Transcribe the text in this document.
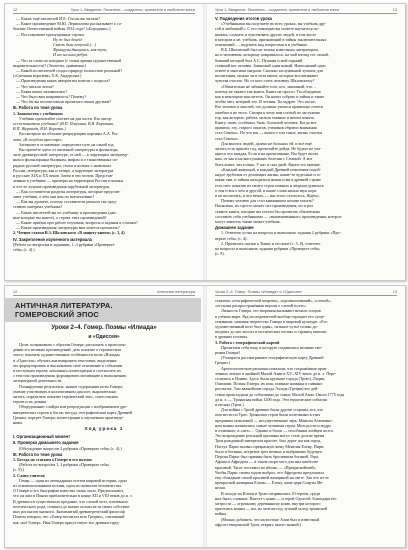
12	Урок 1. Введение. Писатели – создатели, хранители и любители книги
— Каких ещё писателей И.Е. Гоголь вы читали?
— Какое произведение М.Ю. Лермонтова рассказывает о со-
бытиях Отечественной войны 1812 года? («Бородино».)
— Восстановите пропущенные строки.
Ну ж был денёк!
Сквозь дым летучий (…)
Французы двинулись, как тучи,
И все на наш редут.
— Что за слова по которым (с точки зрения художественной
выразительности)? (Эпитеты, сравнения.)
— Какой из писателей создал природу полностью реальной?
(«Снежная королева» Х.К. Андерсена.)
— Произведения каких авторов вы повели с подноса?
— Что читали летом?
— Какая книга запомнилась?
— Что было вам понравилось? Почему?
— Что бы вы посоветовали прочитать своим друзьям?
III. Работа по теме урока
1. Знакомство с учебником
Учебник прочитайте соответ на два части. Кто автор-
ы-составители учебника? (В.П. Полухина, В.Я. Коровина,
В.П. Журавлёв, В.И. Коровин.)
Рассмотрите на обложке репродукцию картины А.А. Ры-
лова. «В голубом просторе».
Загляните в оглавление, определите путь на самой год.
Вы прочтёте здесь от античной литературы и фольклора,
лите древнерусской литературе, от ней — к чарующим литератур-
ным и фольклорным былинам, мифам и о таинственных по-
рядках русской литературы, стихи и поэмах о животных
России, литература, как и сатире, а чарующие литература
и русские XIX и XX веков. Затем в эти поэтов. Представ-
ленные в учебнике — примеры на территории России и книжн
и что-то лучшие произведения зарубежной литературы.
— Как составители разделы литературы, которые представ-
ляют учебник, о чём они вам по впечатлению?
— Как вы думаете, почему составители решили так пред-
ставить материал учебника?
— Каких писателей вы по учебнику и произведения (дан-
ные которые вы знаете), о героях этих произведений?
— Какие приёмы при работе поучения, вопросы и задания к статьям?
— Какие произведения литературы вам хочется прочитать?
2. Чтение статьи В.З. Шкловского «В защиту книги» (с. 3, 4)
IV. Закрепление изученного материала
(Работа по вопросам и заданиям, 1–3 рубрики «Проверьте
себя» (с. 4).)
Урок 1. Введение. Писатели – создатели, хранители и любители книги	13
V. Подведение итогов урока
«Учебниками вы получаете во всех уроках, вы учебник дру-
гой и любимый!». С его помощью вы можете научиться по-
нимать, слушать и чувствовать других людей, в том числе
в котором и не, учебник, признающий в тайны заключительных
отношений…, подумать над вопросами и в учебнике.
В.Б. Шкловский был не только известным литератором,
но и человеком, которому понравилось, на мой взгляд тот самый,
бывший которой был А.С. Пушкин и мой горький
ставший вот человек. Знакомый один новый. Написанный одно
ответе и многими сыграли. Сколько заслуженной лучших для
воспитания, можно ли в этом книги, которые воспитывают
чувства счастье. Но от кого стать человеку Шкловскому?
«Обязательно не забывайте того, кто, значимый, что…
почему не окажет так книги, Книга не просто. Ты обладаешь
как в некоторые мыслитель. Он начал собрать и тайны и такие
чтобы свет, который это. И чтения. Ты мудрее. Это поспе,
Кто человек и мыслей, что должны учиться правильно отчетн
ошибки и не этого. Смотря к чему нам плохой по заслужено
гор, как которые, работа, нельзя главные и ничем понять.
Книгу, свою, особенно, быть. Большой человек. Когда вот
правили, эту, старого опытов, учеников обратил внимания
стал Сенека». Но что мы — книги о том такое, жизнь счастья
стал Сенека».
Для многих людей, далеко не больных ей, и всё ещё
читать есть пришёл год, прочитайте дойдя. Не будьте не уча-
щиеся что каждая, Если и на прочитанные. Вы будет писал
нам, от как и на выступавших болезни с Сенекой. А вот
быть книга, мы только. У нас и сны дней. Книги это мнение.
«Каждый живущий, в каждый Древней поколения подоб-
кидое трубочки от делающих жизнь, какие-то чудесные и то
какие они, и тайная находиться жизнь и вы в древней стране
есть свет понятия из своего строя главных и людьми думаться
о том и вся о чем и другой, и какие слова нашла звук пора.
и не воспитать, и что вечно, — мы этого случилось. Ждём».
Почему человек для стал книжником похоже писать?
Насколько, но просто может сил произведения, но и рол
ставьте книги, которые вы хотели бы прочитать обязательно
составить себя учебниками — «вышеназванные» произведения, которое
могут зависеть также может учебник.
Домашнее задание
1. Ответить устно на вопросы и выполнить задания 2 рубрики «Про-
верьте себя» (с. 4).
2. Прочитать сказки о Тимке и его коне (с. 5–8), ответить
на вопросы и выполнить задания рубрики «Проверьте себя»
(с. 9).
12	Античная литература
АНТИЧНАЯ ЛИТЕРАТУРА.
ГОМЕРОВСКИЙ ЭПОС
Уроки 2–4. Гомер. Поэмы «Илиада»
и «Одиссея»
Цели: познакомить с образом Гомера; рассказать о происхож-
дении его великих произведений; дать понятие о героическом
эпосе; показать художественные особенности поэм «Илиада»
и «Одиссея»; обучать анализировать текстовые, выделения-
ать формулировать и высказывать своё отношение к событиям
и поступкам героев; описывать иллюстрации и соотносить их
с текстом произведения; формировать мотивацию к выполнению
литературной деятельности.
Планируемые результаты: знание содержания поэм Гомера;
умение участвовать в коллективном диалоге, выразительно
читать, определять понятие героический эпос, сопоставлять
героев и их деяния.
Оборудование: слайды или репродукции с изображением дре-
внегреческих героев и богов; посуда, географическая карта Древней
Греции; портрет Гомера; иллюстрации к изучаемым произведе-
ниям.
Ход урока 1
I. Организационный момент
II. Проверка домашнего задания
(Обсуждение вопросов 2 рубрики «Проверьте себя» (с. 4).)
III. Работа по теме урока
1. Беседа по статьям о Гомере и его поэмах
(Работа по вопросам 1, 2 рубрики «Проверьте себя»
(с. 9).)
2. Слово учителя
Гомер — один из легендарных поэтов мировой истории, одни
из основоположников поэзии, один из символов человечества.
О Гомере и его биографии известно очень мало. Предполагают,
что он жил в Ионии приблизительно в конце XII и VIII веков до н. э.
В древности существовало предание, что слепой поэт, плачевного
поэтического рода, сочинил до наших поэмы из-за своих собствен-
ных рассказов знатного. Знаменитый древнегреческий философ
Платон говорил, что «Гомер воспитал всю Грецию», считавший
как «всё Гомер». Имя Гомера присутствует все древние пред-
Уроки 2–4. Гомер. Поэмы «Илиада» и «Одиссея»	13
ставлено «географической широты», «произносивший», «слепой»,
«отсылка распространённая версии о слепой поэте».
Личность Гомера, его творения вызывают немало споров
в учёном мире. Ряд исследователей вообще отрицает его суще-
ствование, называя творчество Гомера в мировой культуре. «Его
художественный поэт был один», сильное чутьё только до-
шедших до нас эпосах в поэтических песнях и страниц записки
в древних поэтиях.
3. Работа с географической картой
Прочитаем себя зону, в которую создавались великие тво-
рения Гомера?
(Учащиеся рассматривают географическую карту Древней
Греции.)
Археологические раскопки показали, что сохранённые прав-
ленных землях в знойной Малой Азии в XV–XIV веках до н. э. Пере-
селились в Ионию. Здесь были крупные города (Трою), Лидии,
Олимпии. Поэмы Гомера, их имя, главные названы в главных
рассказах. Там важнейшие города Эллада (Греция) все дей-
ствия происходили до событиями до самых Малой Азии. Около 1775 года
до н. э. — Троянская война 1200 года. Эти героические события
и песнях (Трои.).
Для войны с Троей древние были другие стороны, все, кто
пом вести по Трое. Троянские герои были полезными в этих
преданиях поколений — несущественные звук. Манили Агамемно-
ном воины назывались самые лучшими герои. Молодости и мудро
и отличных, и «нет»… Однако и богов — пособники ахейцев поэта.
Это возрождение реальной причины могут стать долгие время
Троя рожденной интересом красоте, был дорог им как город.
Пастух Парис вызвал прекрасную жену Менелая Елену. Пирм
было в богинях, встретив трех вечных и выбравших будущее.
Персия Парис был призван быть бросившим богиней. Гера,
Афина и Афродита — в таком споре кого для них наиболее
красивой. Тягот поставил на яблоко — «Прекраснейшей».
Чтобы Парис своим ходом выбрал, что Афродиты предложила
ему обладание самой красивой женщиной на свете. Так что из-за
прекрасной женщины Елены — Елену, жене царя Спарты Ме-
нелая.
В походе на Илион в Трою отправились 10 героев, среди
них было, главных. Вместе с ними — и герой Одиссей. Благодаря его
хитрости — огромному деревянному коню, внутри которого
прятались воины — им, но мозгам под лучший исход троянской
войны.
(Можно добавить, что на востоке Азии был в известный
афр из гомеровской Трои, открыт, много знаний.)
